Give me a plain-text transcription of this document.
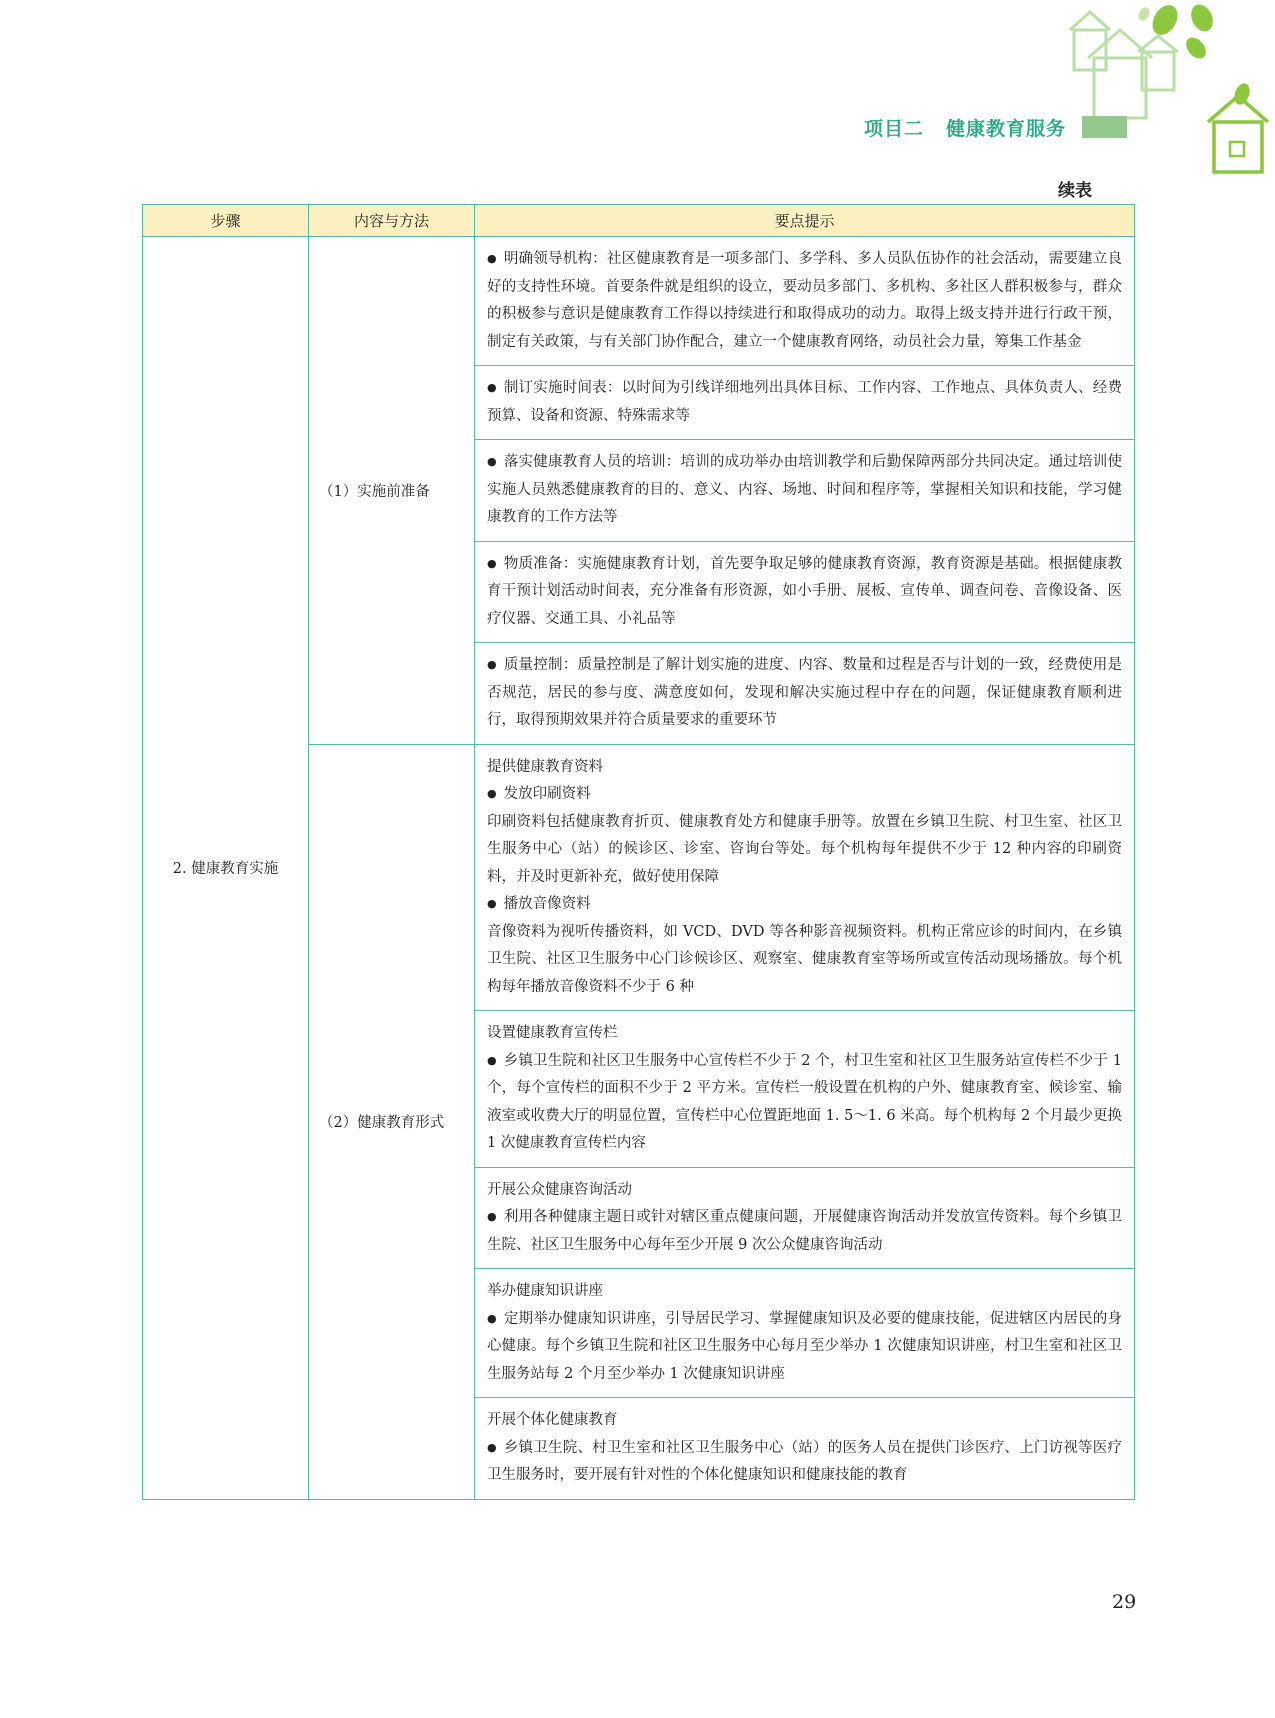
项目二 健康教育服务
续表
步骤	内容与方法	要点提示
2. 健康教育实施	（1）实施前准备	● 明确领导机构：社区健康教育是一项多部门、多学科、多人员队伍协作的社会活动，需要建立良好的支持性环境。首要条件就是组织的设立，要动员多部门、多机构、多社区人群积极参与，群众的积极参与意识是健康教育工作得以持续进行和取得成功的动力。取得上级支持并进行行政干预，制定有关政策，与有关部门协作配合，建立一个健康教育网络，动员社会力量，筹集工作基金

		● 制订实施时间表：以时间为引线详细地列出具体目标、工作内容、工作地点、具体负责人、经费预算、设备和资源、特殊需求等

		● 落实健康教育人员的培训：培训的成功举办由培训教学和后勤保障两部分共同决定。通过培训使实施人员熟悉健康教育的目的、意义、内容、场地、时间和程序等，掌握相关知识和技能，学习健康教育的工作方法等

		● 物质准备：实施健康教育计划，首先要争取足够的健康教育资源，教育资源是基础。根据健康教育干预计划活动时间表，充分准备有形资源，如小手册、展板、宣传单、调查问卷、音像设备、医疗仪器、交通工具、小礼品等

		● 质量控制：质量控制是了解计划实施的进度、内容、数量和过程是否与计划的一致，经费使用是否规范，居民的参与度、满意度如何，发现和解决实施过程中存在的问题，保证健康教育顺利进行，取得预期效果并符合质量要求的重要环节

	（2）健康教育形式	提供健康教育资料
● 发放印刷资料
印刷资料包括健康教育折页、健康教育处方和健康手册等。放置在乡镇卫生院、村卫生室、社区卫生服务中心（站）的候诊区、诊室、咨询台等处。每个机构每年提供不少于 12 种内容的印刷资料，并及时更新补充，做好使用保障
● 播放音像资料
音像资料为视听传播资料，如 VCD、DVD 等各种影音视频资料。机构正常应诊的时间内，在乡镇卫生院、社区卫生服务中心门诊候诊区、观察室、健康教育室等场所或宣传活动现场播放。每个机构每年播放音像资料不少于 6 种

		设置健康教育宣传栏
● 乡镇卫生院和社区卫生服务中心宣传栏不少于 2 个，村卫生室和社区卫生服务站宣传栏不少于 1 个，每个宣传栏的面积不少于 2 平方米。宣传栏一般设置在机构的户外、健康教育室、候诊室、输液室或收费大厅的明显位置，宣传栏中心位置距地面 1. 5～1. 6 米高。每个机构每 2 个月最少更换 1 次健康教育宣传栏内容

		开展公众健康咨询活动
● 利用各种健康主题日或针对辖区重点健康问题，开展健康咨询活动并发放宣传资料。每个乡镇卫生院、社区卫生服务中心每年至少开展 9 次公众健康咨询活动

		举办健康知识讲座
● 定期举办健康知识讲座，引导居民学习、掌握健康知识及必要的健康技能，促进辖区内居民的身心健康。每个乡镇卫生院和社区卫生服务中心每月至少举办 1 次健康知识讲座，村卫生室和社区卫生服务站每 2 个月至少举办 1 次健康知识讲座

		开展个体化健康教育
● 乡镇卫生院、村卫生室和社区卫生服务中心（站）的医务人员在提供门诊医疗、上门访视等医疗卫生服务时，要开展有针对性的个体化健康知识和健康技能的教育
29
